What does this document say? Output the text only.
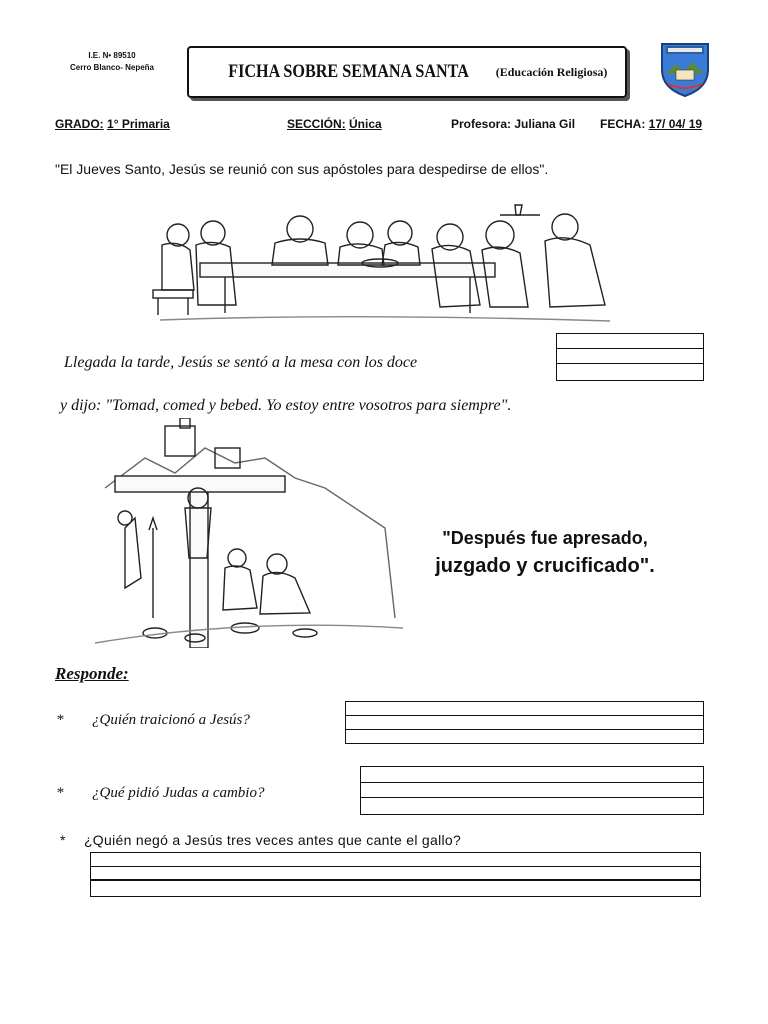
I.E. N• 89510
Cerro Blanco- Nepeña	FICHA SOBRE SEMANA SANTA (Educación Religiosa)
GRADO: 1° Primaria	SECCIÓN: Única	Profesora: Juliana Gil FECHA: 17/ 04/ 19
"El Jueves Santo, Jesús se reunió con sus apóstoles para despedirse de ellos".
Llegada la tarde, Jesús se sentó a la mesa con los doce
y dijo: "Tomad, comed y bebed. Yo estoy entre vosotros para siempre".
"Después fue apresado,
juzgado y crucificado".
Responde:
* ¿Quién traicionó a Jesús?
* ¿Qué pidió Judas a cambio?
* ¿Quién negó a Jesús tres veces antes que cante el gallo?
